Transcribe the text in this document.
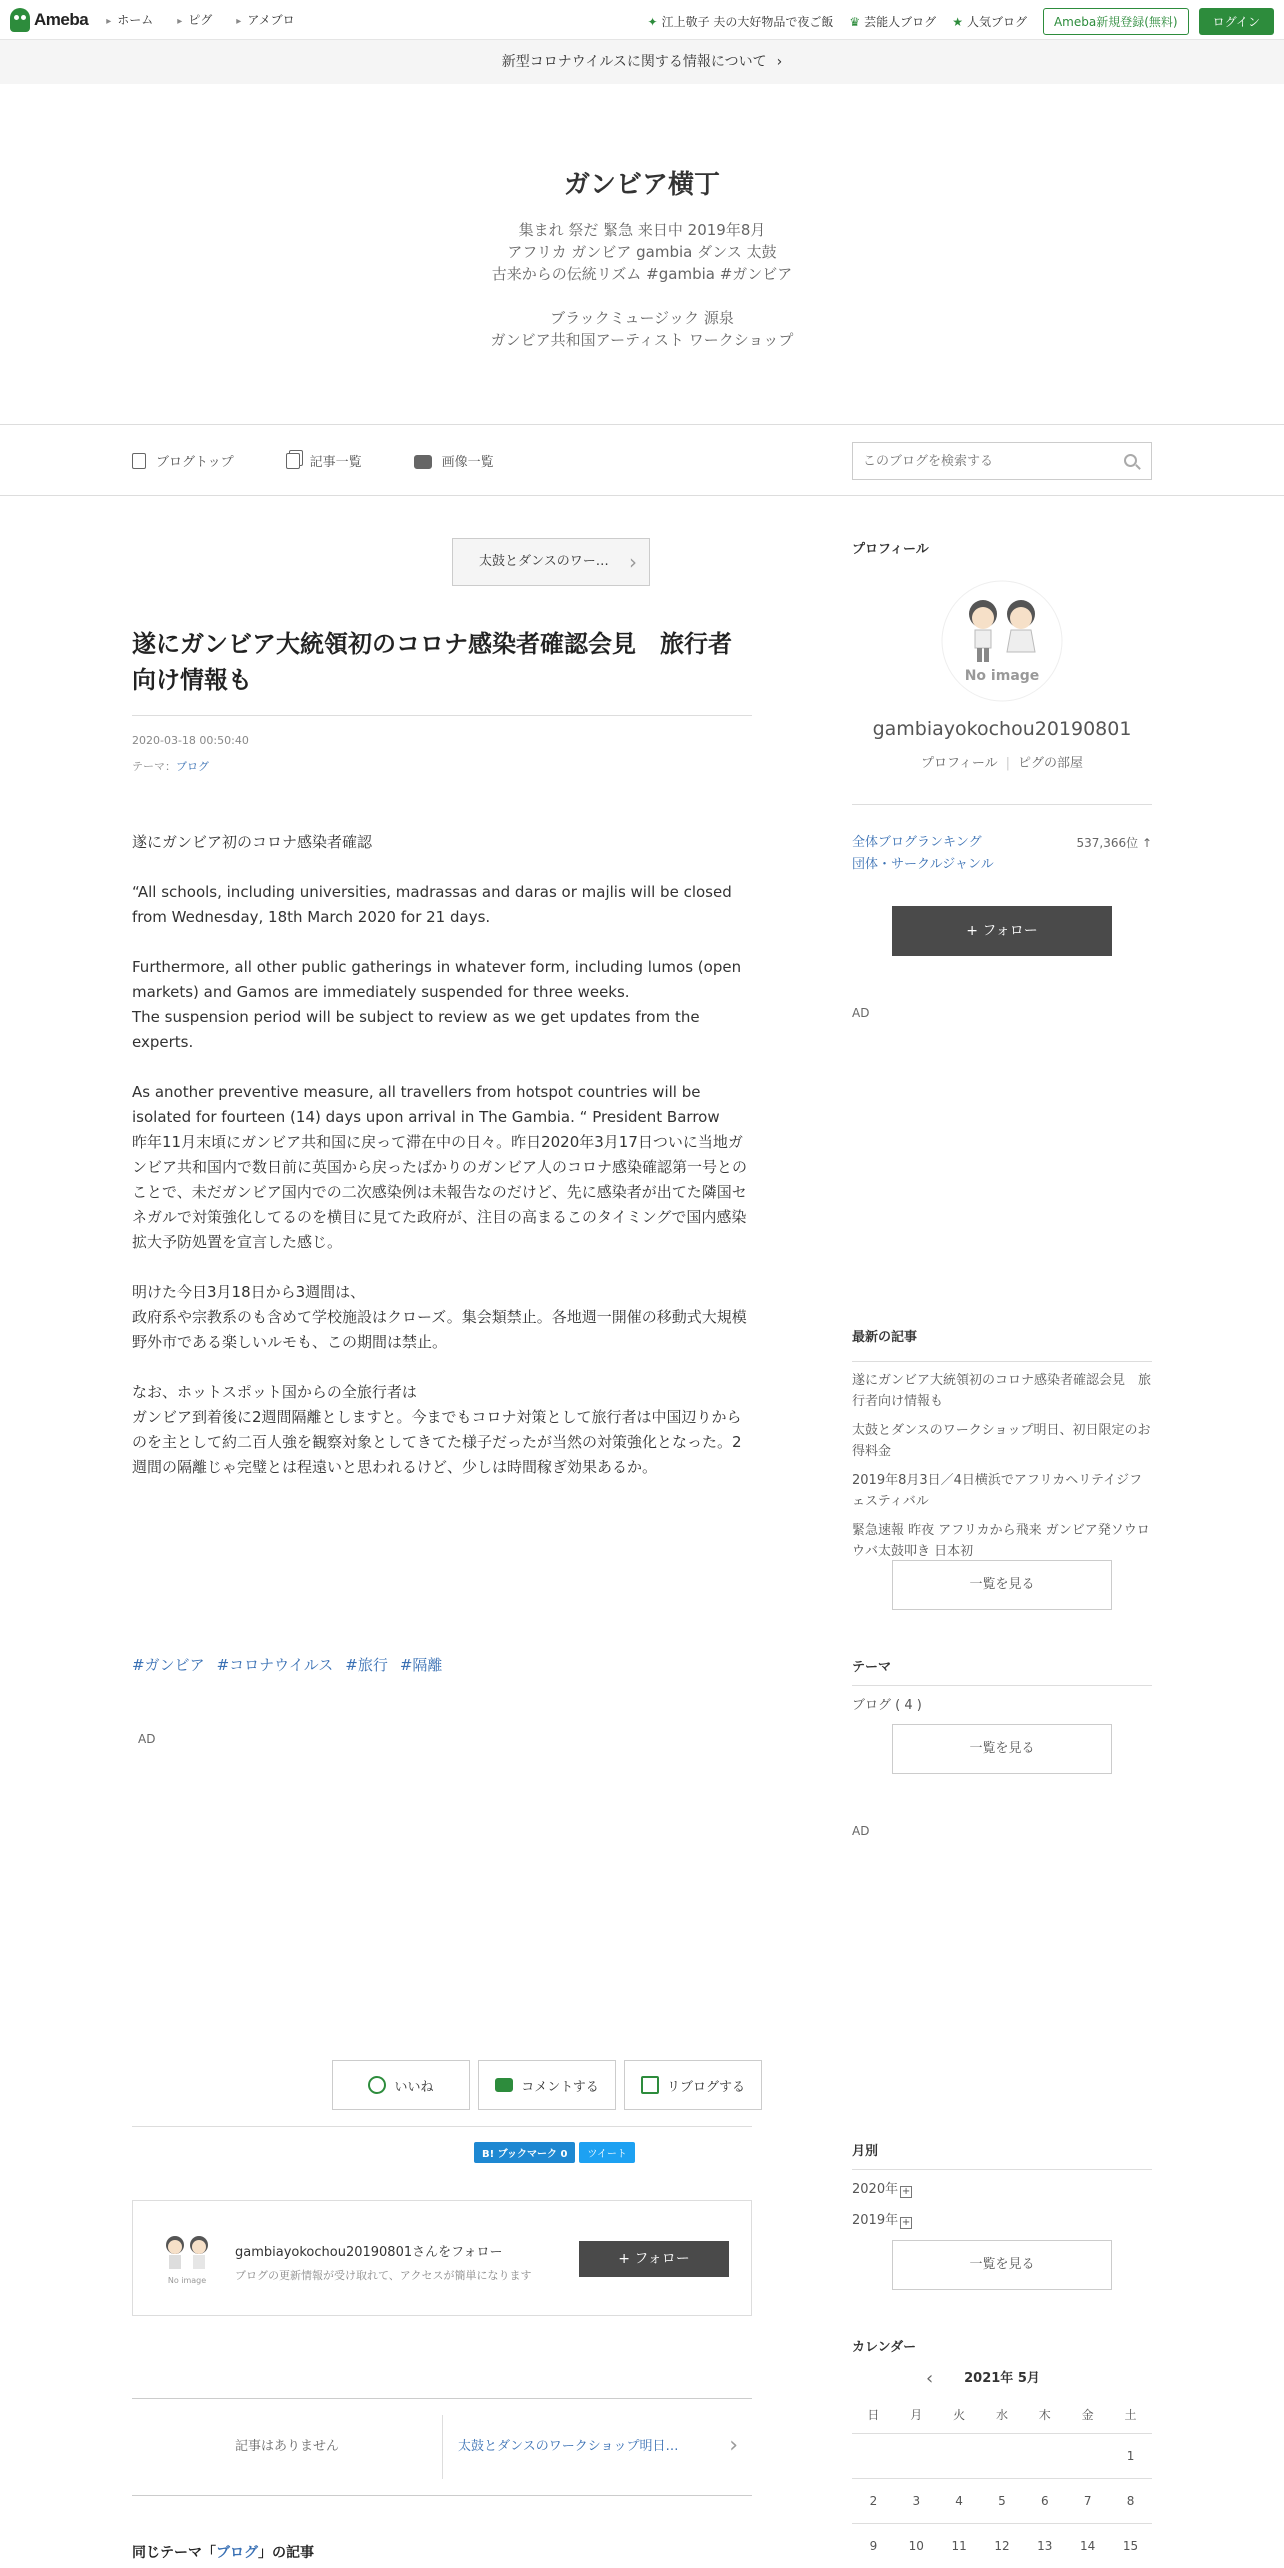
Ameba	▸ ホーム	▸ ピグ	▸ アメブロ	✦ 江上敬子 夫の大好物品で夜ご飯 ♛ 芸能人ブログ ★ 人気ブログ	Ameba新規登録(無料)	ログイン
新型コロナウイルスに関する情報について ›
ガンビア横丁
集まれ 祭だ 緊急 来日中 2019年8月
アフリカ ガンビア gambia ダンス 太鼓
古来からの伝統リズム #gambia #ガンビア

ブラックミュージック 源泉
ガンビア共和国アーティスト ワークショップ
ブログトップ	記事一覧	画像一覧
このブログを検索する
太鼓とダンスのワー… ›
遂にガンビア大統領初のコロナ感染者確認会見　旅行者向け情報も
2020-03-18 00:50:40
テーマ：ブログ

遂にガンビア初のコロナ感染者確認

“All schools, including universities, madrassas and daras or majlis will be closed from Wednesday, 18th March 2020 for 21 days.

Furthermore, all other public gatherings in whatever form, including lumos (open markets) and Gamos are immediately suspended for three weeks.
The suspension period will be subject to review as we get updates from the experts.

As another preventive measure, all travellers from hotspot countries will be isolated for fourteen (14) days upon arrival in The Gambia. “ President Barrow
昨年11月末頃にガンビア共和国に戻って滞在中の日々。昨日2020年3月17日ついに当地ガンビア共和国内で数日前に英国から戻ったばかりのガンビア人のコロナ感染確認第一号とのことで、未だガンビア国内での二次感染例は未報告なのだけど、先に感染者が出てた隣国セネガルで対策強化してるのを横目に見てた政府が、注目の高まるこのタイミングで国内感染拡大予防処置を宣言した感じ。

明けた今日3月18日から3週間は、
政府系や宗教系のも含めて学校施設はクローズ。集会類禁止。各地週一開催の移動式大規模野外市である楽しいルモも、この期間は禁止。

なお、ホットスポット国からの全旅行者は
ガンビア到着後に2週間隔離としますと。今までもコロナ対策として旅行者は中国辺りからのを主として約二百人強を観察対象としてきてた様子だったが当然の対策強化となった。2週間の隔離じゃ完璧とは程遠いと思われるけど、少しは時間稼ぎ効果あるか。

#ガンビア #コロナウイルス #旅行 #隔離
AD
いいね	コメントする	リブログする
B! ブックマーク 0	ツイート
No image
gambiayokochou20190801さんをフォロー
ブログの更新情報が受け取れて、アクセスが簡単になります
+ フォロー
記事はありません	太鼓とダンスのワークショップ明日…	›
同じテーマ「ブログ」の記事
プロフィール
No image
gambiayokochou20190801
プロフィール | ピグの部屋
全体ブログランキング
団体・サークルジャンル
537,366位 ↑
+ フォロー
AD
最新の記事
遂にガンビア大統領初のコロナ感染者確認会見　旅行者向け情報も
太鼓とダンスのワークショップ明日、初日限定のお得料金
2019年8月3日／4日横浜でアフリカヘリテイジフェスティバル
緊急速報 昨夜 アフリカから飛来 ガンビア発ソウロウバ太鼓叩き 日本初
一覧を見る
テーマ
ブログ ( 4 )
一覧を見る
AD
月別
2020年 +
2019年 +
一覧を見る
カレンダー
‹ 2021年 5月
日	月	火	水	木	金	土
						1
2	3	4	5	6	7	8
9	10	11	12	13	14	15
